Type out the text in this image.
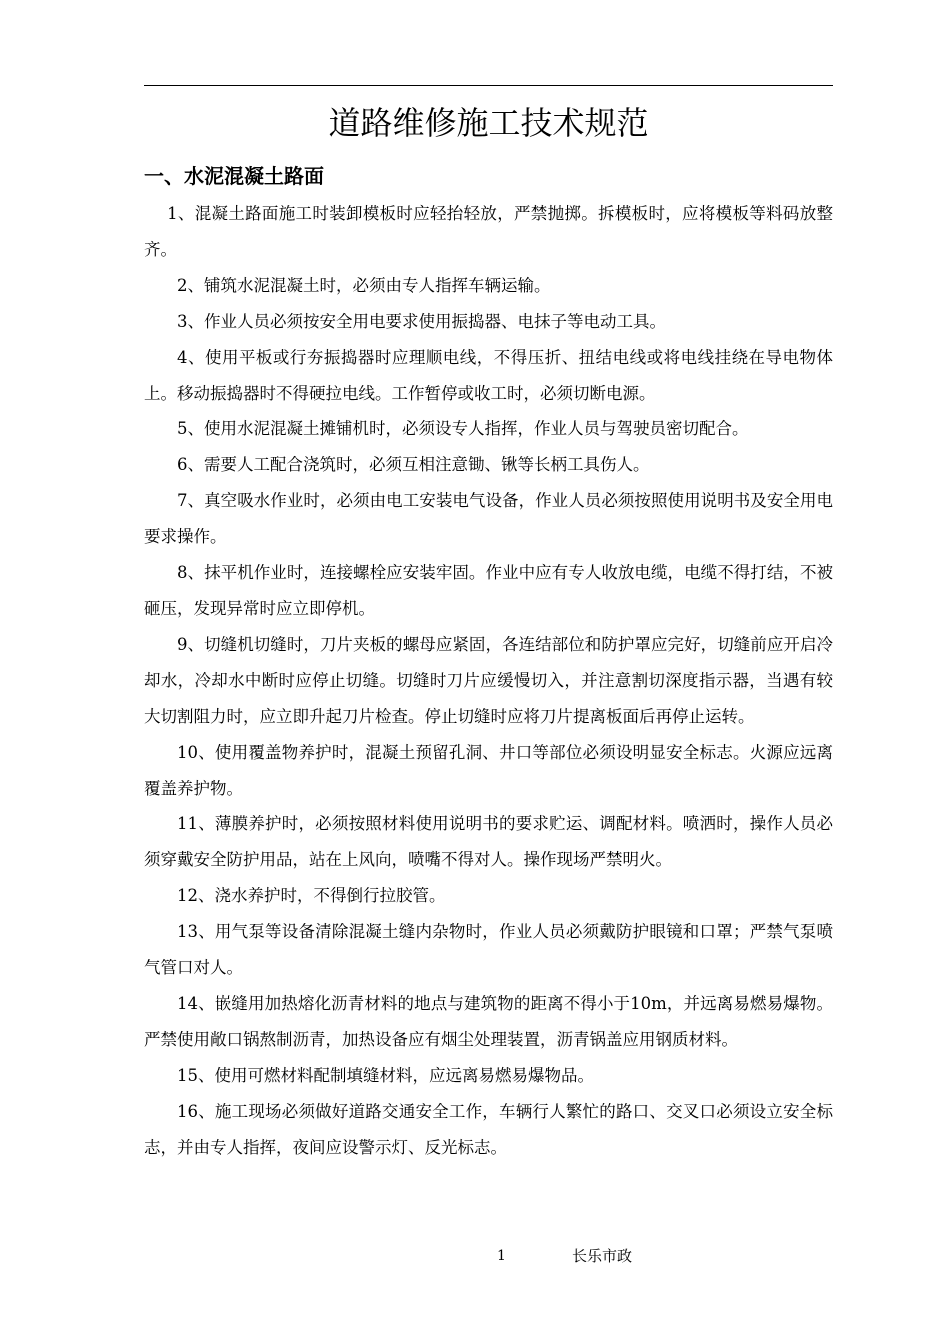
道路维修施工技术规范
一、水泥混凝土路面

1、混凝土路面施工时装卸模板时应轻抬轻放，严禁抛掷。拆模板时，应将模板等料码放整齐。

2、铺筑水泥混凝土时，必须由专人指挥车辆运输。

3、作业人员必须按安全用电要求使用振捣器、电抹子等电动工具。

4、使用平板或行夯振捣器时应理顺电线，不得压折、扭结电线或将电线挂绕在导电物体上。移动振捣器时不得硬拉电线。工作暂停或收工时，必须切断电源。

5、使用水泥混凝土摊铺机时，必须设专人指挥，作业人员与驾驶员密切配合。

6、需要人工配合浇筑时，必须互相注意锄、锹等长柄工具伤人。

7、真空吸水作业时，必须由电工安装电气设备，作业人员必须按照使用说明书及安全用电要求操作。

8、抹平机作业时，连接螺栓应安装牢固。作业中应有专人收放电缆，电缆不得打结，不被砸压，发现异常时应立即停机。

9、切缝机切缝时，刀片夹板的螺母应紧固，各连结部位和防护罩应完好，切缝前应开启冷却水，冷却水中断时应停止切缝。切缝时刀片应缓慢切入，并注意割切深度指示器，当遇有较大切割阻力时，应立即升起刀片检查。停止切缝时应将刀片提离板面后再停止运转。

10、使用覆盖物养护时，混凝土预留孔洞、井口等部位必须设明显安全标志。火源应远离覆盖养护物。

11、薄膜养护时，必须按照材料使用说明书的要求贮运、调配材料。喷洒时，操作人员必须穿戴安全防护用品，站在上风向，喷嘴不得对人。操作现场严禁明火。

12、浇水养护时，不得倒行拉胶管。

13、用气泵等设备清除混凝土缝内杂物时，作业人员必须戴防护眼镜和口罩；严禁气泵喷气管口对人。

14、嵌缝用加热熔化沥青材料的地点与建筑物的距离不得小于10m，并远离易燃易爆物。严禁使用敞口锅熬制沥青，加热设备应有烟尘处理装置，沥青锅盖应用钢质材料。

15、使用可燃材料配制填缝材料，应远离易燃易爆物品。

16、施工现场必须做好道路交通安全工作，车辆行人繁忙的路口、交叉口必须设立安全标志，并由专人指挥，夜间应设警示灯、反光标志。

1	长乐市政
